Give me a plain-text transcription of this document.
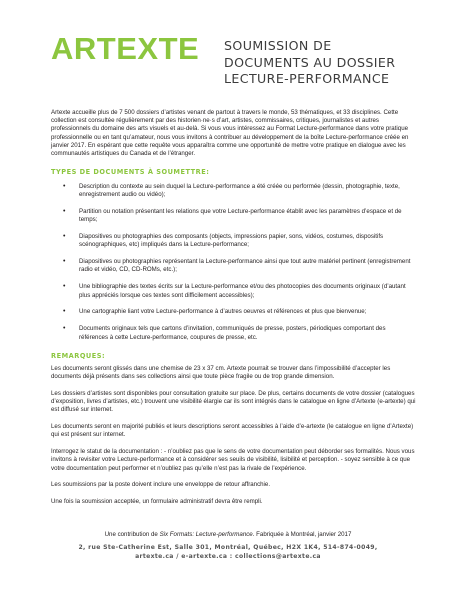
ARTEXTE SOUMISSION DE
DOCUMENTS AU DOSSIER
LECTURE-PERFORMANCE

Artexte accueille plus de 7 500 dossiers d’artistes venant de partout à travers le monde, 53 thématiques, et 33 disciplines. Cette collection est consultée régulièrement par des historien·ne·s d’art, artistes, commissaires, critiques, journalistes et autres professionnels du domaine des arts visuels et au-delà. Si vous vous intéressez au Format Lecture-performance dans votre pratique professionnelle ou en tant qu’amateur, nous vous invitons à contribuer au développement de la boîte Lecture-performance créée en janvier 2017. En espérant que cette requête vous apparaîtra comme une opportunité de mettre votre pratique en dialogue avec les communautés artistiques du Canada et de l’étranger.

TYPES DE DOCUMENTS À SOUMETTRE:
• Description du contexte au sein duquel la Lecture-performance a été créée ou performée (dessin, photographie, texte, enregistrement audio ou vidéo);
• Partition ou notation présentant les relations que votre Lecture-performance établit avec les paramètres d’espace et de temps;
• Diapositives ou photographies des composants (objects, impressions papier, sons, vidéos, costumes, dispositifs scénographiques, etc) impliqués dans la Lecture-performance;
• Diapositives ou photographies représentant la Lecture-performance ainsi que tout autre matériel pertinent (enregistrement radio et vidéo, CD, CD-ROMs, etc.);
• Une bibliographie des textes écrits sur la Lecture-performance et/ou des photocopies des documents originaux (d’autant plus appréciés lorsque ces textes sont difficilement accessibles);
• Une cartographie liant votre Lecture-performance à d’autres oeuvres et références et plus que bienvenue;
• Documents originaux tels que cartons d’invitation, communiqués de presse, posters, périodiques comportant des références à cette Lecture-performance, coupures de presse, etc.
REMARQUES:

Les documents seront glissés dans une chemise de 23 x 37 cm. Artexte pourrait se trouver dans l’impossibilité d’accepter les documents déjà présents dans ses collections ainsi que toute pièce fragile ou de trop grande dimension.

Les dossiers d’artistes sont disponibles pour consultation gratuite sur place. De plus, certains documents de votre dossier (catalogues d’exposition, livres d’artistes, etc.) trouvent une visibilité élargie car ils sont intégrés dans le catalogue en ligne d’Artexte (e-artexte) qui est diffusé sur internet.

Les documents seront en majorité publiés et leurs descriptions seront accessibles à l’aide d’e-artexte (le catalogue en ligne d’Artexte) qui est présent sur internet.

Interrogez le statut de la documentation : - n’oubliez pas que le sens de votre documentation peut déborder ses formalités. Nous vous invitons à revisiter votre Lecture-performance et à considérer ses seuils de visibilité, lisibilité et perception. - soyez sensible à ce que votre documentation peut performer et n’oubliez pas qu’elle n’est pas la rivale de l’expérience.

Les soumissions par la poste doivent inclure une enveloppe de retour affranchie.

Une fois la soumission acceptée, un formulaire administratif devra être rempli.

Une contribution de Six Formats: Lecture-performance. Fabriquée à Montréal, janvier 2017
2, rue Ste-Catherine Est, Salle 301, Montréal, Québec, H2X 1K4, 514-874-0049,
artexte.ca / e-artexte.ca : collections@artexte.ca
